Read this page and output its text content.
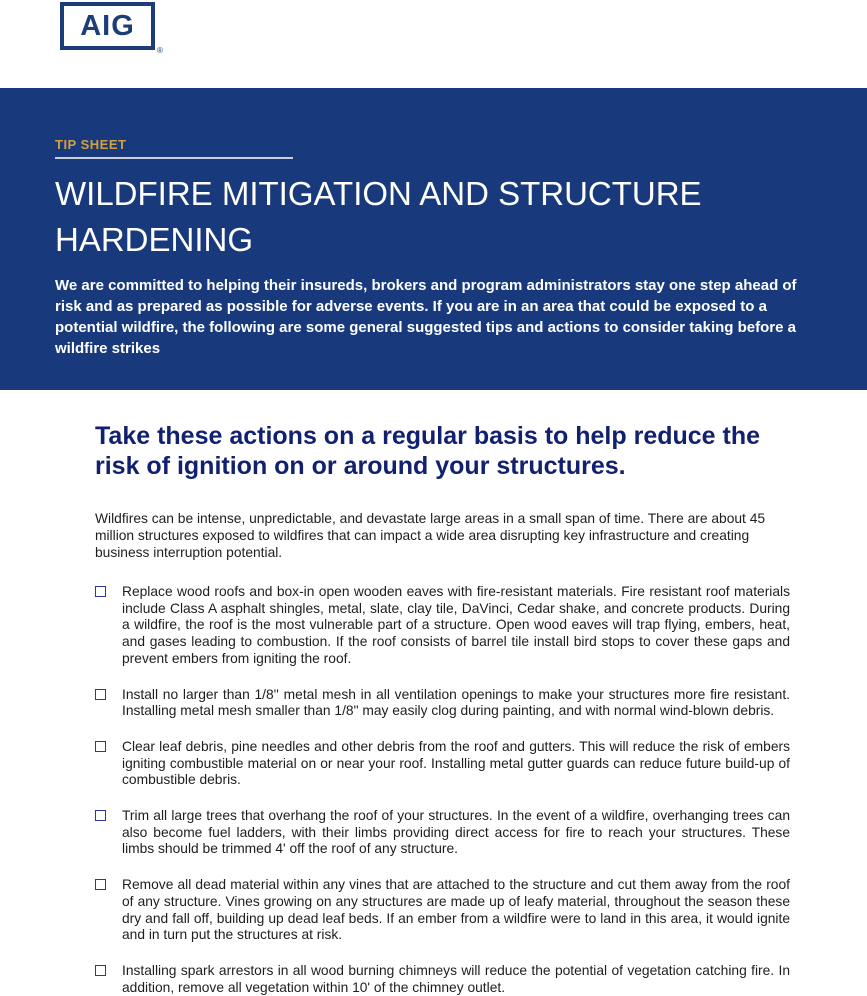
AIG
®
TIP SHEET
WILDFIRE MITIGATION AND STRUCTURE HARDENING
We are committed to helping their insureds, brokers and program administrators stay one step ahead of risk and as prepared as possible for adverse events. If you are in an area that could be exposed to a potential wildfire, the following are some general suggested tips and actions to consider taking before a wildfire strikes
Take these actions on a regular basis to help reduce the risk of ignition on or around your structures.
Wildfires can be intense, unpredictable, and devastate large areas in a small span of time. There are about 45 million structures exposed to wildfires that can impact a wide area disrupting key infrastructure and creating business interruption potential.
Replace wood roofs and box-in open wooden eaves with fire-resistant materials. Fire resistant roof materials include Class A asphalt shingles, metal, slate, clay tile, DaVinci, Cedar shake, and concrete products. During a wildfire, the roof is the most vulnerable part of a structure. Open wood eaves will trap flying, embers, heat, and gases leading to combustion. If the roof consists of barrel tile install bird stops to cover these gaps and prevent embers from igniting the roof.
Install no larger than 1/8'' metal mesh in all ventilation openings to make your structures more fire resistant. Installing metal mesh smaller than 1/8" may easily clog during painting, and with normal wind-blown debris.
Clear leaf debris, pine needles and other debris from the roof and gutters. This will reduce the risk of embers igniting combustible material on or near your roof. Installing metal gutter guards can reduce future build-up of combustible debris.
Trim all large trees that overhang the roof of your structures. In the event of a wildfire, overhanging trees can also become fuel ladders, with their limbs providing direct access for fire to reach your structures. These limbs should be trimmed 4' off the roof of any structure.
Remove all dead material within any vines that are attached to the structure and cut them away from the roof of any structure. Vines growing on any structures are made up of leafy material, throughout the season these dry and fall off, building up dead leaf beds. If an ember from a wildfire were to land in this area, it would ignite and in turn put the structures at risk.
Installing spark arrestors in all wood burning chimneys will reduce the potential of vegetation catching fire. In addition, remove all vegetation within 10' of the chimney outlet.
